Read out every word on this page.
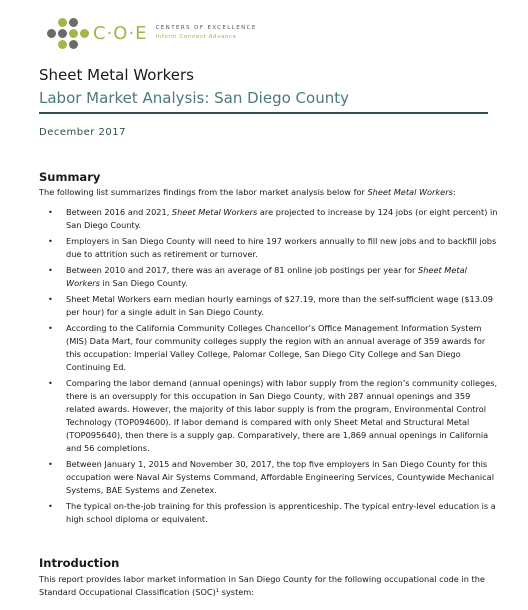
C·O·E CENTERS OF EXCELLENCE
Inform Connect Advance
Sheet Metal Workers
Labor Market Analysis: San Diego County
December 2017
Summary
The following list summarizes findings from the labor market analysis below for Sheet Metal Workers:
• Between 2016 and 2021, Sheet Metal Workers are projected to increase by 124 jobs (or eight percent) in San Diego County.
• Employers in San Diego County will need to hire 197 workers annually to fill new jobs and to backfill jobs due to attrition such as retirement or turnover.
• Between 2010 and 2017, there was an average of 81 online job postings per year for Sheet Metal Workers in San Diego County.
• Sheet Metal Workers earn median hourly earnings of $27.19, more than the self-sufficient wage ($13.09 per hour) for a single adult in San Diego County.
• According to the California Community Colleges Chancellor’s Office Management Information System (MIS) Data Mart, four community colleges supply the region with an annual average of 359 awards for this occupation: Imperial Valley College, Palomar College, San Diego City College and San Diego Continuing Ed.
• Comparing the labor demand (annual openings) with labor supply from the region’s community colleges, there is an oversupply for this occupation in San Diego County, with 287 annual openings and 359 related awards. However, the majority of this labor supply is from the program, Environmental Control Technology (TOP094600). If labor demand is compared with only Sheet Metal and Structural Metal (TOP095640), then there is a supply gap. Comparatively, there are 1,869 annual openings in California and 56 completions.
• Between January 1, 2015 and November 30, 2017, the top five employers in San Diego County for this occupation were Naval Air Systems Command, Affordable Engineering Services, Countywide Mechanical Systems, BAE Systems and Zenetex.
• The typical on-the-job training for this profession is apprenticeship. The typical entry-level education is a high school diploma or equivalent.
Introduction
This report provides labor market information in San Diego County for the following occupational code in the Standard Occupational Classification (SOC)¹ system:
